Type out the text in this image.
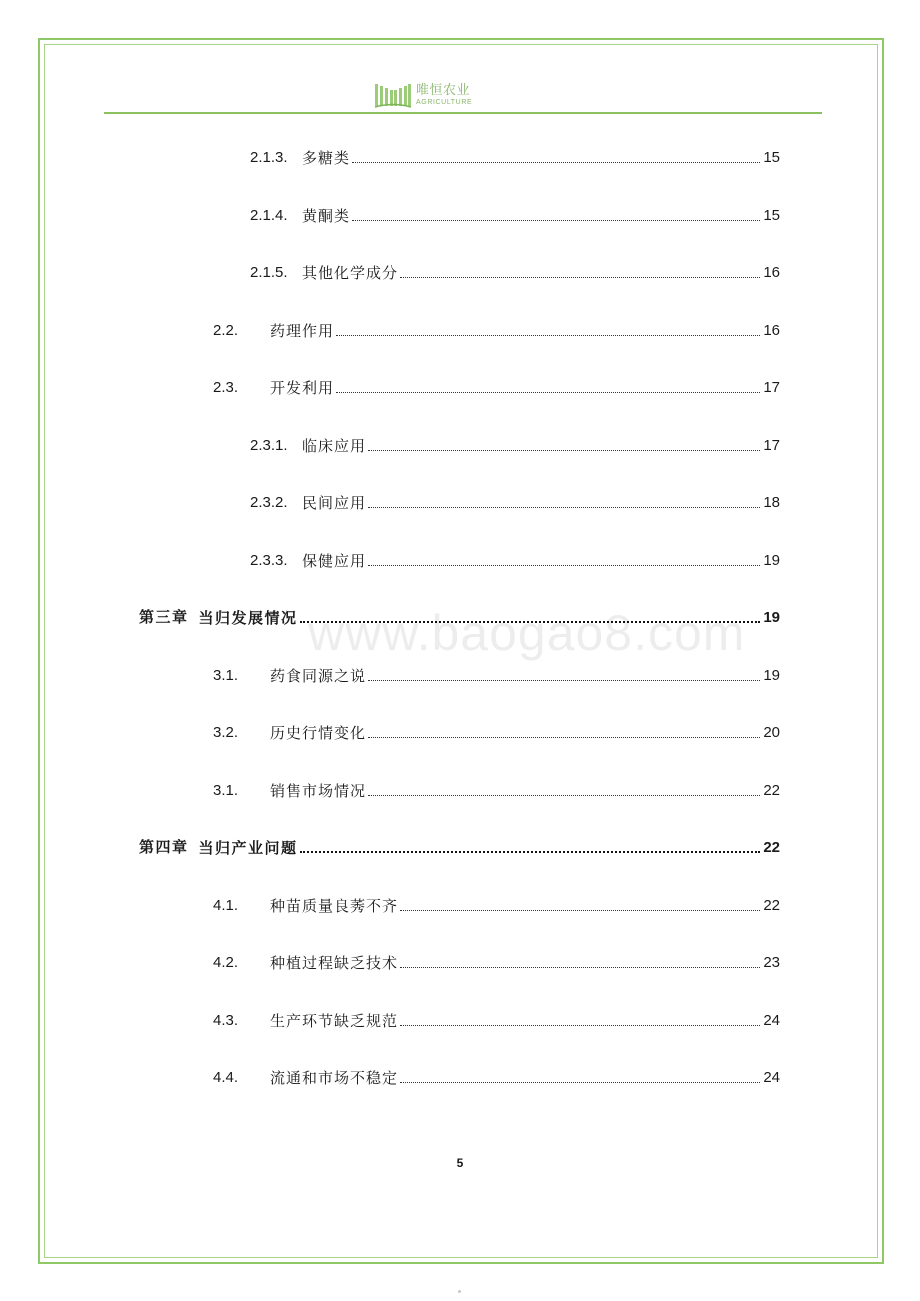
唯恒农业
AGRICULTURE
www.baogao8.com
2.1.3. 多糖类	15
2.1.4. 黄酮类	15
2.1.5. 其他化学成分	16
2.2.	药理作用	16
2.3.	开发利用	17
2.3.1. 临床应用	17
2.3.2. 民间应用	18
2.3.3. 保健应用	19
第三章 当归发展情况	19
3.1.	药食同源之说	19
3.2.	历史行情变化	20
3.1.	销售市场情况	22
第四章 当归产业问题	22
4.1.	种苗质量良莠不齐	22
4.2.	种植过程缺乏技术	23
4.3.	生产环节缺乏规范	24
4.4.	流通和市场不稳定	24
5
